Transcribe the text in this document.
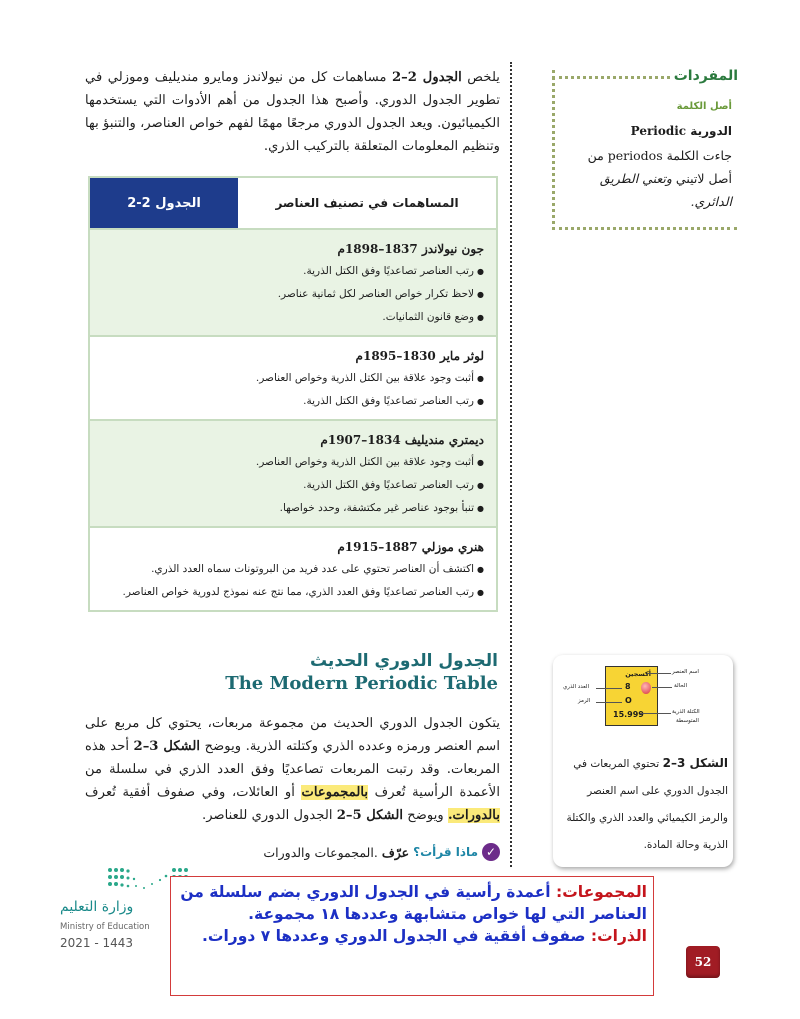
يلخص الجدول 2–2 مساهمات كل من نيولاندز ومايرو منديليف وموزلي في تطوير الجدول الدوري. وأصبح هذا الجدول من أهم الأدوات التي يستخدمها الكيميائيون. ويعد الجدول الدوري مرجعًا مهمًا لفهم خواص العناصر، والتنبؤ بها وتنظيم المعلومات المتعلقة بالتركيب الذري.
الجدول 2-2	المساهمات في تصنيف العناصر
جون نيولاندز 1837–1898م
● رتب العناصر تصاعديًا وفق الكتل الذرية.
● لاحظ تكرار خواص العناصر لكل ثمانية عناصر.
● وضع قانون الثمانيات.
لوثر ماير 1830–1895م
● أثبت وجود علاقة بين الكتل الذرية وخواص العناصر.
● رتب العناصر تصاعديًا وفق الكتل الذرية.
ديمتري منديليف 1834–1907م
● أثبت وجود علاقة بين الكتل الذرية وخواص العناصر.
● رتب العناصر تصاعديًا وفق الكتل الذرية.
● تنبأ بوجود عناصر غير مكتشفة، وحدد خواصها.
هنري موزلي 1887–1915م
● اكتشف أن العناصر تحتوي على عدد فريد من البروتونات سماه العدد الذري.
● رتب العناصر تصاعديًا وفق العدد الذري، مما نتج عنه نموذج لدورية خواص العناصر.
الجدول الدوري الحديث
The Modern Periodic Table
يتكون الجدول الدوري الحديث من مجموعة مربعات، يحتوي كل مربع على اسم العنصر ورمزه وعدده الذري وكتلته الذرية. ويوضح الشكل 3–2 أحد هذه المربعات. وقد رتبت المربعات تصاعديًا وفق العدد الذري في سلسلة من الأعمدة الرأسية تُعرف بالمجموعات أو العائلات، وفي صفوف أفقية تُعرف بالدورات. ويوضح الشكل 5–2 الجدول الدوري للعناصر.
✓
ماذا قرأت؟
عرّف
المجموعات والدورات.
المفردات
أصل الكلمة
الدورية Periodic
جاءت الكلمة periodos من أصل لاتيني وتعني الطريق الدائري.
أكسجين
8
O
15.999
اسم العنصر
الحالة
الكتلة الذرية
المتوسطة
العدد الذري
الرمز
الشكل 3–2 تحتوي المربعات في الجدول الدوري على اسم العنصر والرمز الكيميائي والعدد الذري والكتلة الذرية وحالة المادة.
وزارة التعليم
Ministry of Education
2021 - 1443
المجموعات: أعمدة رأسية في الجدول الدوري بضم سلسلة من العناصر التي لها خواص متشابهة وعددها ١٨ مجموعة.
الذرات: صفوف أفقية في الجدول الدوري وعددها ٧ دورات.
52
